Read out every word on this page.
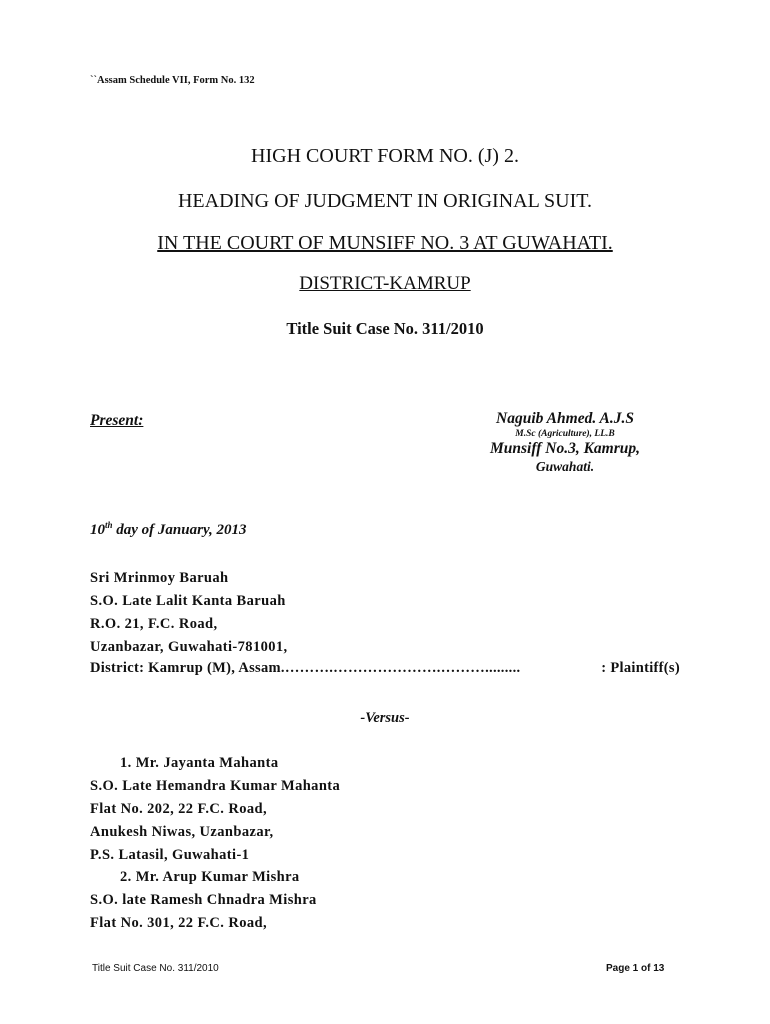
``Assam Schedule VII, Form No. 132
HIGH COURT FORM NO. (J) 2.
HEADING OF JUDGMENT IN ORIGINAL SUIT.
IN THE COURT OF MUNSIFF NO. 3 AT GUWAHATI.
DISTRICT-KAMRUP
Title Suit Case No. 311/2010
Present:	Naguib Ahmed. A.J.S
M.Sc (Agriculture), LL.B
Munsiff No.3, Kamrup,
Guwahati.
10th day of January, 2013
Sri Mrinmoy Baruah
S.O. Late Lalit Kanta Baruah
R.O. 21, F.C. Road,
Uzanbazar, Guwahati-781001,
District: Kamrup (M), Assam.……….………………….……….........	: Plaintiff(s)
-Versus-
1. Mr. Jayanta Mahanta
S.O. Late Hemandra Kumar Mahanta
Flat No. 202, 22 F.C. Road,
Anukesh Niwas, Uzanbazar,
P.S. Latasil, Guwahati-1
2. Mr. Arup Kumar Mishra
S.O. late Ramesh Chnadra Mishra
Flat No. 301, 22 F.C. Road,
Title Suit Case No. 311/2010	Page 1 of 13
